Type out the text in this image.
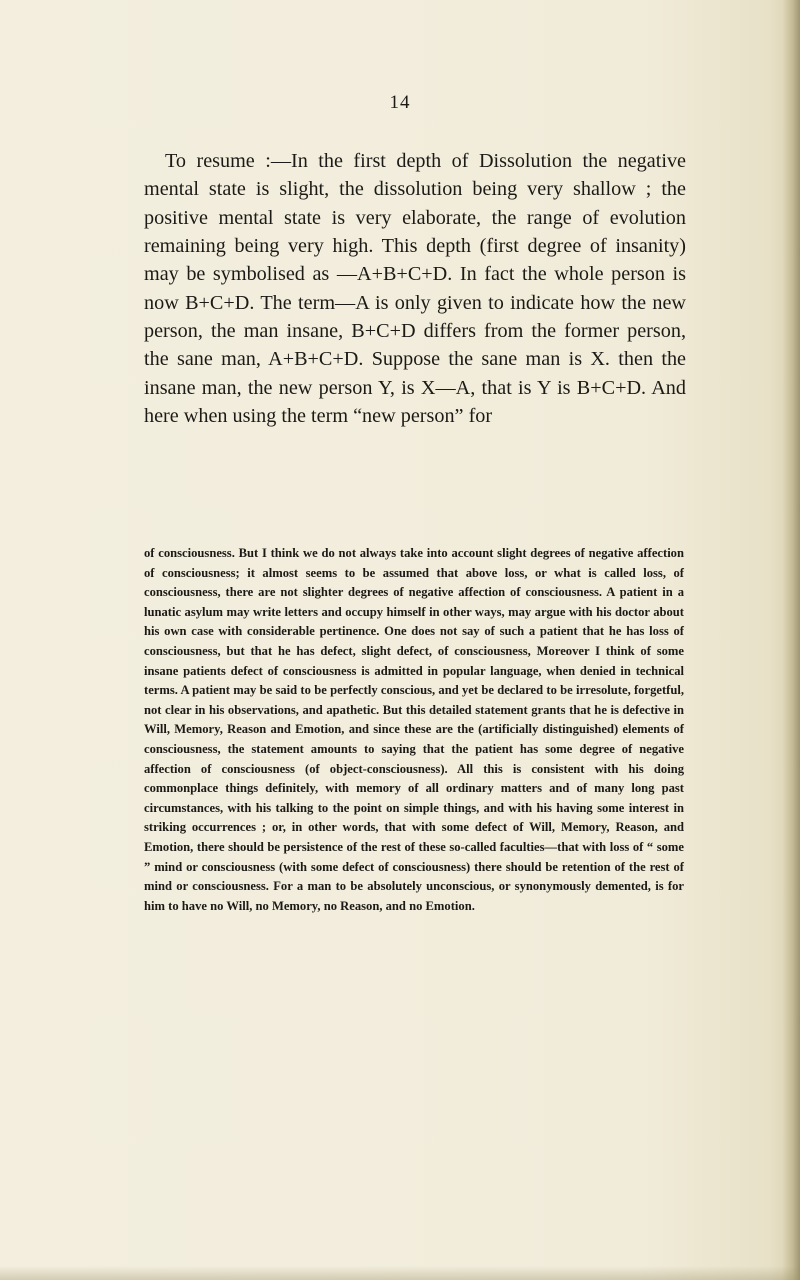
14

To resume :—In the first depth of Dissolution the negative mental state is slight, the dissolution being very shallow ; the positive mental state is very elaborate, the range of evolution remaining being very high. This depth (first degree of insanity) may be symbolised as —A+B+C+D. In fact the whole person is now B+C+D. The term—A is only given to indicate how the new person, the man insane, B+C+D differs from the former person, the sane man, A+B+C+D. Suppose the sane man is X. then the insane man, the new person Y, is X—A, that is Y is B+C+D. And here when using the term “new person” for

of consciousness. But I think we do not always take into account slight degrees of negative affection of consciousness; it almost seems to be assumed that above loss, or what is called loss, of consciousness, there are not slighter degrees of negative affection of consciousness. A patient in a lunatic asylum may write letters and occupy himself in other ways, may argue with his doctor about his own case with considerable pertinence. One does not say of such a patient that he has loss of consciousness, but that he has defect, slight defect, of consciousness, Moreover I think of some insane patients defect of consciousness is admitted in popular language, when denied in technical terms. A patient may be said to be perfectly conscious, and yet be declared to be irresolute, forgetful, not clear in his observations, and apathetic. But this detailed statement grants that he is defective in Will, Memory, Reason and Emotion, and since these are the (artificially distinguished) elements of consciousness, the statement amounts to saying that the patient has some degree of negative affection of consciousness (of object-consciousness). All this is consistent with his doing commonplace things definitely, with memory of all ordinary matters and of many long past circumstances, with his talking to the point on simple things, and with his having some interest in striking occurrences ; or, in other words, that with some defect of Will, Memory, Reason, and Emotion, there should be persistence of the rest of these so-called faculties—that with loss of “ some ” mind or consciousness (with some defect of consciousness) there should be retention of the rest of mind or consciousness. For a man to be absolutely unconscious, or synonymously demented, is for him to have no Will, no Memory, no Reason, and no Emotion.
